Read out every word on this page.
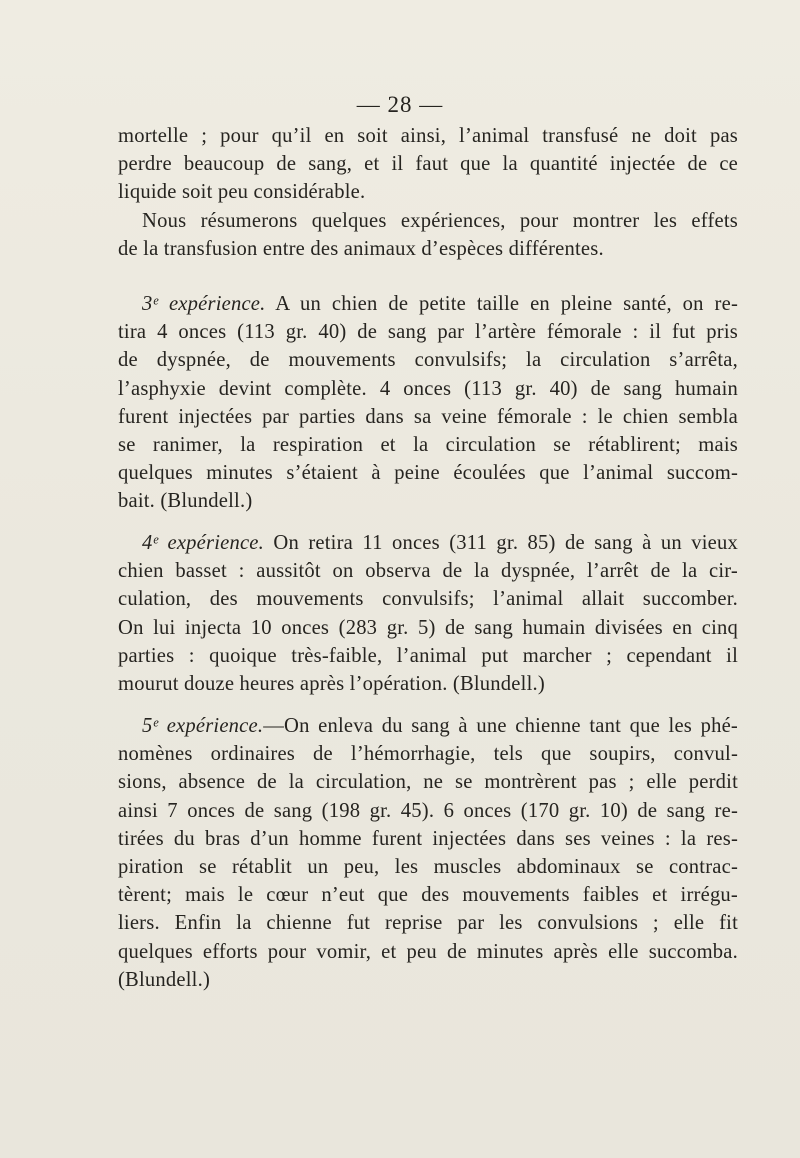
— 28 —
mortelle ; pour qu’il en soit ainsi, l’animal transfusé ne doit pas
perdre beaucoup de sang, et il faut que la quantité injectée de ce
liquide soit peu considérable.
Nous résumerons quelques expériences, pour montrer les effets
de la transfusion entre des animaux d’espèces différentes.
3ᵉ expérience. A un chien de petite taille en pleine santé, on re-
tira 4 onces (113 gr. 40) de sang par l’artère fémorale : il fut pris
de dyspnée, de mouvements convulsifs; la circulation s’arrêta,
l’asphyxie devint complète. 4 onces (113 gr. 40) de sang humain
furent injectées par parties dans sa veine fémorale : le chien sembla
se ranimer, la respiration et la circulation se rétablirent; mais
quelques minutes s’étaient à peine écoulées que l’animal succom-
bait. (Blundell.)
4ᵉ expérience. On retira 11 onces (311 gr. 85) de sang à un vieux
chien basset : aussitôt on observa de la dyspnée, l’arrêt de la cir-
culation, des mouvements convulsifs; l’animal allait succomber.
On lui injecta 10 onces (283 gr. 5) de sang humain divisées en cinq
parties : quoique très-faible, l’animal put marcher ; cependant il
mourut douze heures après l’opération. (Blundell.)
5ᵉ expérience.—On enleva du sang à une chienne tant que les phé-
nomènes ordinaires de l’hémorrhagie, tels que soupirs, convul-
sions, absence de la circulation, ne se montrèrent pas ; elle perdit
ainsi 7 onces de sang (198 gr. 45). 6 onces (170 gr. 10) de sang re-
tirées du bras d’un homme furent injectées dans ses veines : la res-
piration se rétablit un peu, les muscles abdominaux se contrac-
tèrent; mais le cœur n’eut que des mouvements faibles et irrégu-
liers. Enfin la chienne fut reprise par les convulsions ; elle fit
quelques efforts pour vomir, et peu de minutes après elle succomba.
(Blundell.)
